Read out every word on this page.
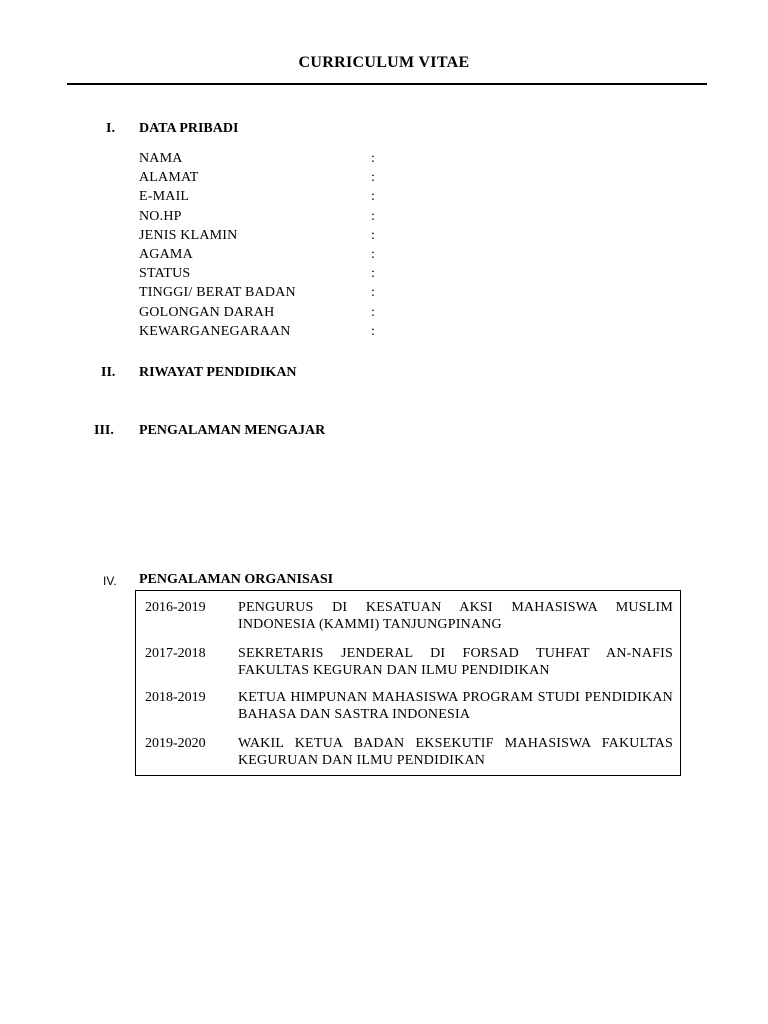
CURRICULUM VITAE
I. DATA PRIBADI
NAMA	:
ALAMAT	:
E-MAIL	:
NO.HP	:
JENIS KLAMIN	:
AGAMA	:
STATUS	:
TINGGI/ BERAT BADAN	:
GOLONGAN DARAH	:
KEWARGANEGARAAN	:
II. RIWAYAT PENDIDIKAN
III. PENGALAMAN MENGAJAR
IV. PENGALAMAN ORGANISASI
2016-2019 PENGURUS DI KESATUAN AKSI MAHASISWA MUSLIM INDONESIA (KAMMI) TANJUNGPINANG
2017-2018 SEKRETARIS JENDERAL DI FORSAD TUHFAT AN-NAFIS FAKULTAS KEGURAN DAN ILMU PENDIDIKAN
2018-2019 KETUA HIMPUNAN MAHASISWA PROGRAM STUDI PENDIDIKAN BAHASA DAN SASTRA INDONESIA
2019-2020 WAKIL KETUA BADAN EKSEKUTIF MAHASISWA FAKULTAS KEGURUAN DAN ILMU PENDIDIKAN
